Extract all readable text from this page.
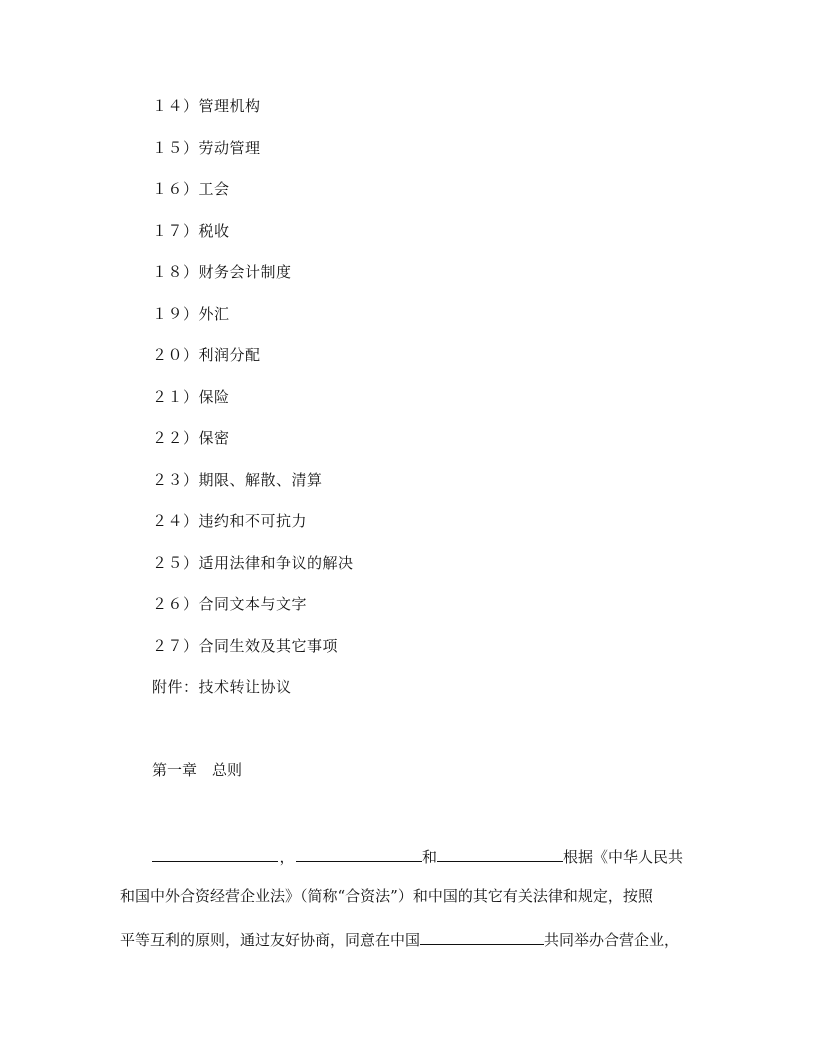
１４）管理机构
１５）劳动管理
１６）工会
１７）税收
１８）财务会计制度
１９）外汇
２０）利润分配
２１）保险
２２）保密
２３）期限、解散、清算
２４）违约和不可抗力
２５）适用法律和争议的解决
２６）合同文本与文字
２７）合同生效及其它事项
附件：技术转让协议
第一章　总则
，	和	根据《中华人民共
和国中外合资经营企业法》（简称“合资法”）和中国的其它有关法律和规定，按照
平等互利的原则，通过友好协商，同意在中国	共同举办合营企业，
